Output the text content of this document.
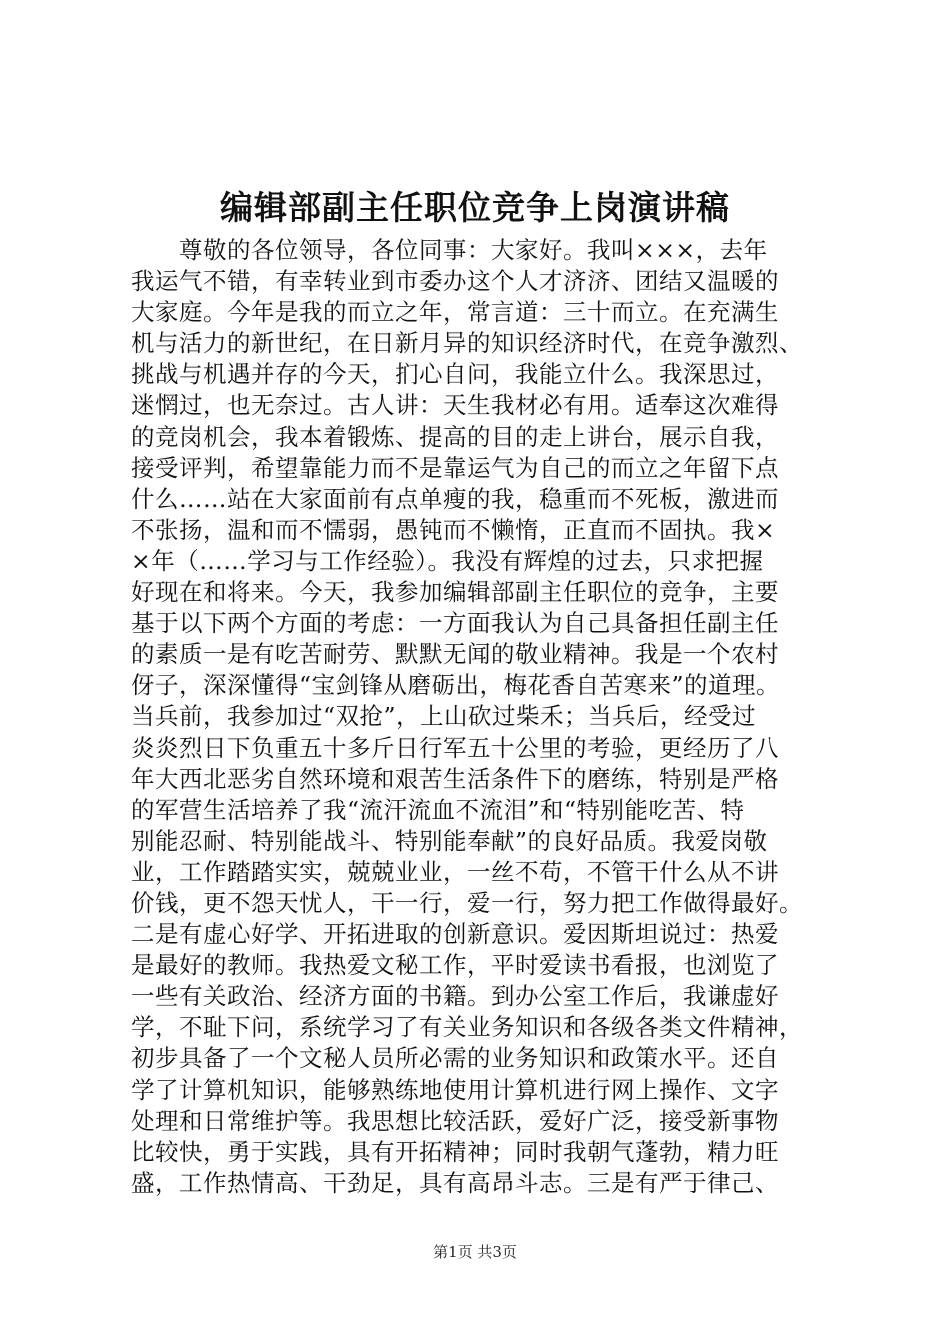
编辑部副主任职位竞争上岗演讲稿
　　尊敬的各位领导，各位同事：大家好。我叫×××，去年
我运气不错，有幸转业到市委办这个人才济济、团结又温暖的
大家庭。今年是我的而立之年，常言道：三十而立。在充满生
机与活力的新世纪，在日新月异的知识经济时代，在竞争激烈、
挑战与机遇并存的今天，扪心自问，我能立什么。我深思过，
迷惘过，也无奈过。古人讲：天生我材必有用。适奉这次难得
的竞岗机会，我本着锻炼、提高的目的走上讲台，展示自我，
接受评判，希望靠能力而不是靠运气为自己的而立之年留下点
什么……站在大家面前有点单瘦的我，稳重而不死板，激进而
不张扬，温和而不懦弱，愚钝而不懒惰，正直而不固执。我×
×年（……学习与工作经验）。我没有辉煌的过去，只求把握
好现在和将来。今天，我参加编辑部副主任职位的竞争，主要
基于以下两个方面的考虑：一方面我认为自己具备担任副主任
的素质一是有吃苦耐劳、默默无闻的敬业精神。我是一个农村
伢子，深深懂得“宝剑锋从磨砺出，梅花香自苦寒来”的道理。
当兵前，我参加过“双抢”，上山砍过柴禾；当兵后，经受过
炎炎烈日下负重五十多斤日行军五十公里的考验，更经历了八
年大西北恶劣自然环境和艰苦生活条件下的磨练，特别是严格
的军营生活培养了我“流汗流血不流泪”和“特别能吃苦、特
别能忍耐、特别能战斗、特别能奉献”的良好品质。我爱岗敬
业，工作踏踏实实，兢兢业业，一丝不苟，不管干什么从不讲
价钱，更不怨天忧人，干一行，爱一行，努力把工作做得最好。
二是有虚心好学、开拓进取的创新意识。爱因斯坦说过：热爱
是最好的教师。我热爱文秘工作，平时爱读书看报，也浏览了
一些有关政治、经济方面的书籍。到办公室工作后，我谦虚好
学，不耻下问，系统学习了有关业务知识和各级各类文件精神，
初步具备了一个文秘人员所必需的业务知识和政策水平。还自
学了计算机知识，能够熟练地使用计算机进行网上操作、文字
处理和日常维护等。我思想比较活跃，爱好广泛，接受新事物
比较快，勇于实践，具有开拓精神；同时我朝气蓬勃，精力旺
盛，工作热情高、干劲足，具有高昂斗志。三是有严于律己、
第1页 共3页
